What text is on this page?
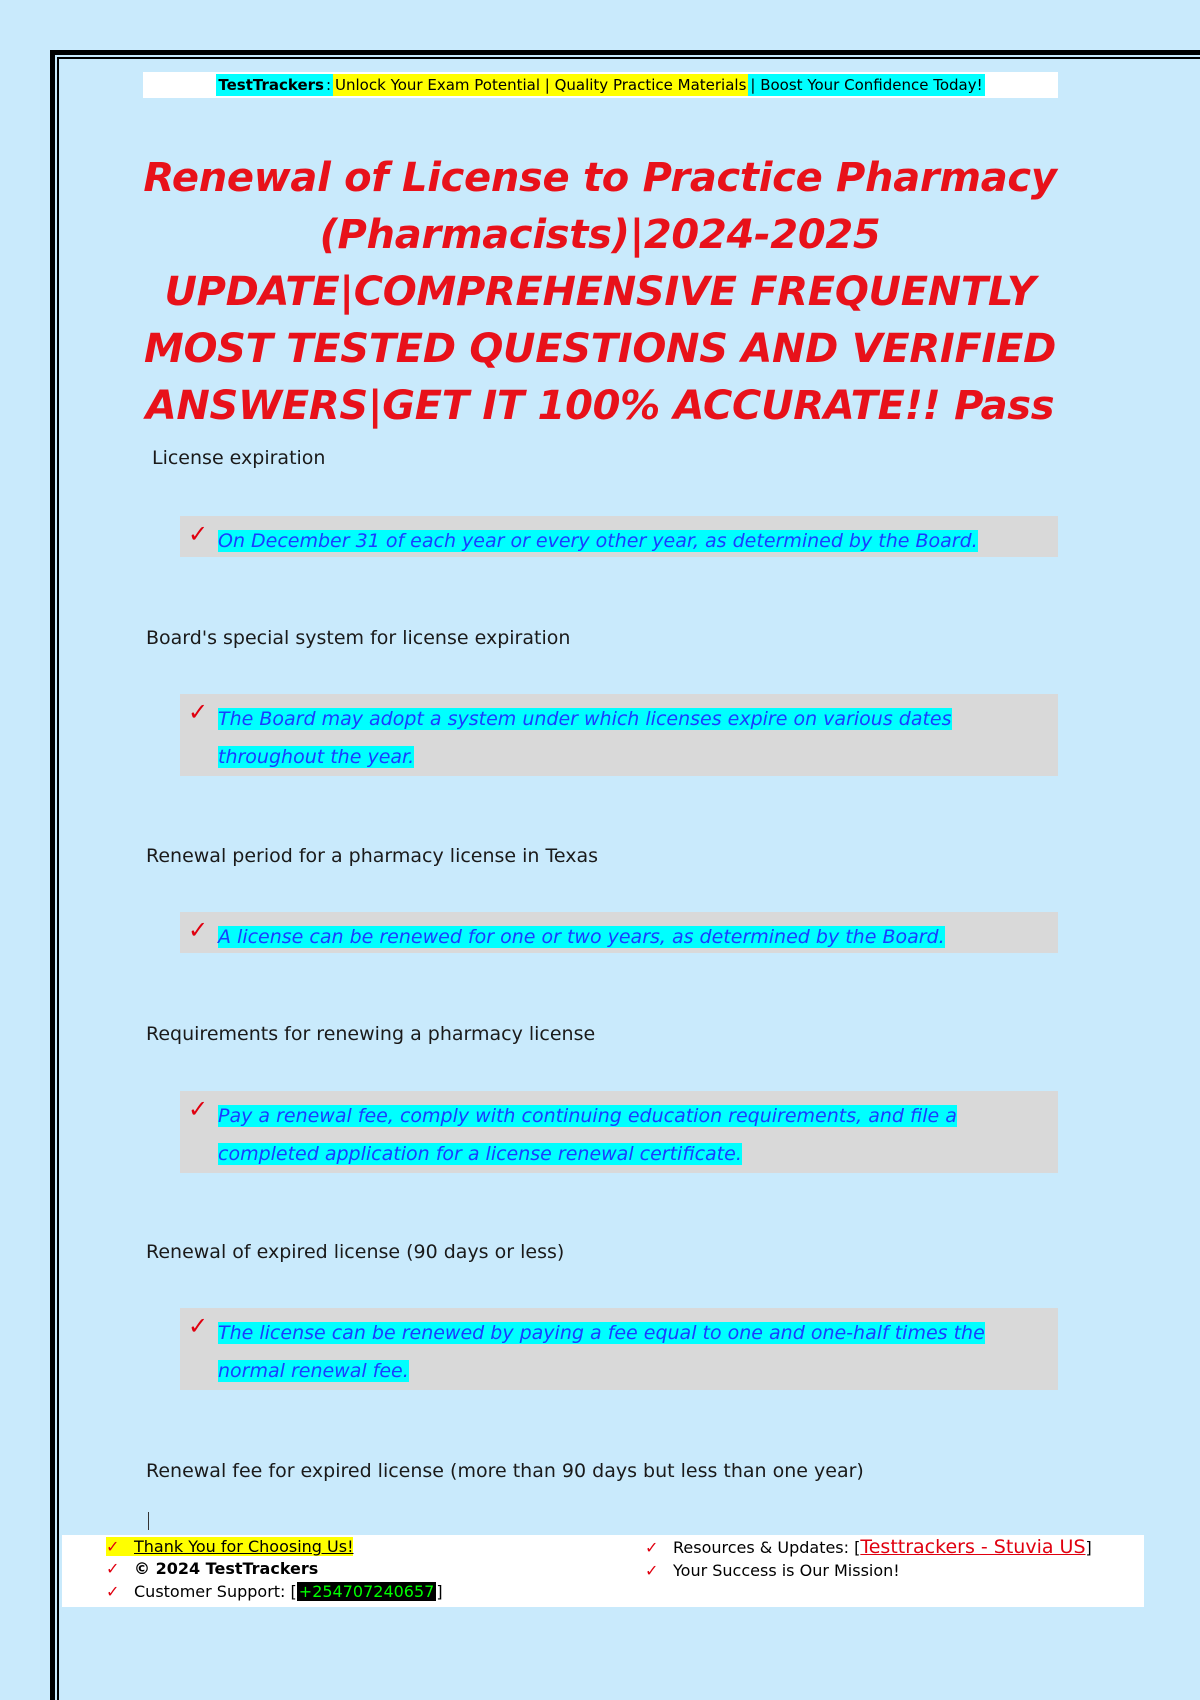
TestTrackers : Unlock Your Exam Potential | Quality Practice Materials | Boost Your Confidence Today!
Renewal of License to Practice Pharmacy
(Pharmacists)|2024-2025
UPDATE|COMPREHENSIVE FREQUENTLY
MOST TESTED QUESTIONS AND VERIFIED
ANSWERS|GET IT 100% ACCURATE!! Pass
License expiration
✓ On December 31 of each year or every other year, as determined by the Board.
Board's special system for license expiration
✓ The Board may adopt a system under which licenses expire on various dates throughout the year.
Renewal period for a pharmacy license in Texas
✓ A license can be renewed for one or two years, as determined by the Board.
Requirements for renewing a pharmacy license
✓ Pay a renewal fee, comply with continuing education requirements, and file a completed application for a license renewal certificate.
Renewal of expired license (90 days or less)
✓ The license can be renewed by paying a fee equal to one and one-half times the normal renewal fee.
Renewal fee for expired license (more than 90 days but less than one year)
✓ Thank You for Choosing Us!
✓ © 2024 TestTrackers
✓ Customer Support: [ +254707240657 ]
✓ Resources & Updates: [ Testtrackers - Stuvia US ]
✓ Your Success is Our Mission!
